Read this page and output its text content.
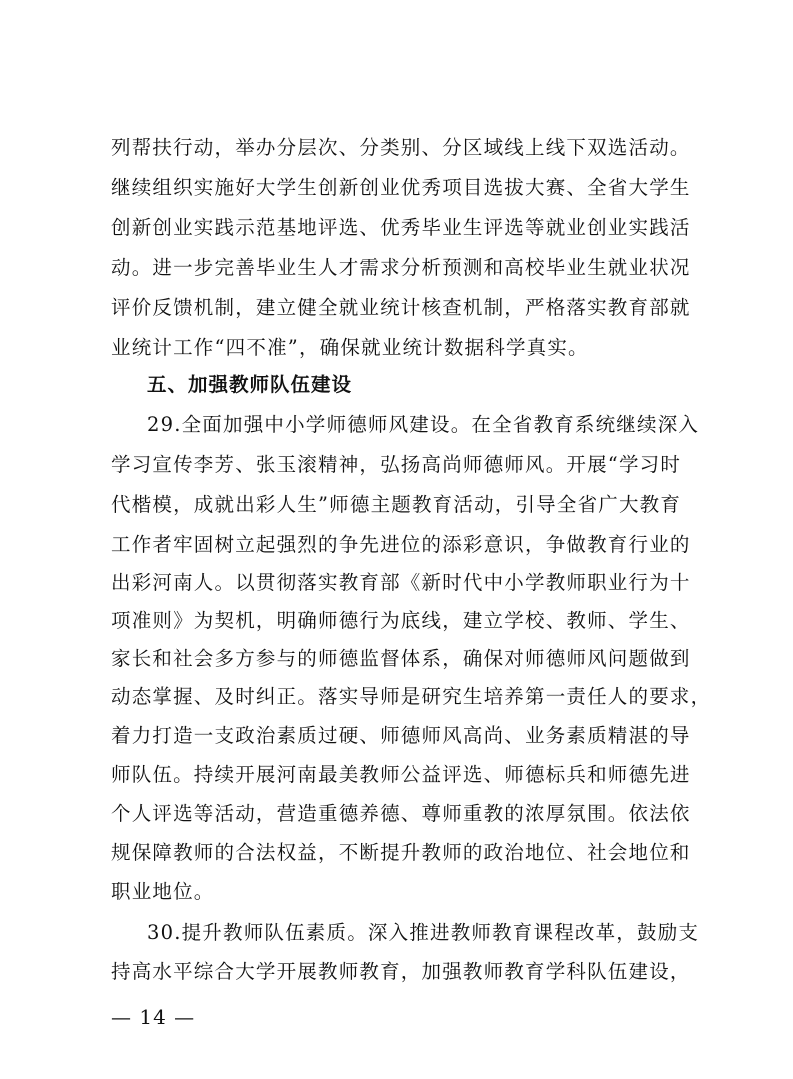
列帮扶行动，举办分层次、分类别、分区域线上线下双选活动。
继续组织实施好大学生创新创业优秀项目选拔大赛、全省大学生
创新创业实践示范基地评选、优秀毕业生评选等就业创业实践活
动。进一步完善毕业生人才需求分析预测和高校毕业生就业状况
评价反馈机制，建立健全就业统计核查机制，严格落实教育部就
业统计工作“四不准”，确保就业统计数据科学真实。
五、加强教师队伍建设
29.全面加强中小学师德师风建设。在全省教育系统继续深入
学习宣传李芳、张玉滚精神，弘扬高尚师德师风。开展“学习时
代楷模，成就出彩人生”师德主题教育活动，引导全省广大教育
工作者牢固树立起强烈的争先进位的添彩意识，争做教育行业的
出彩河南人。以贯彻落实教育部《新时代中小学教师职业行为十
项准则》为契机，明确师德行为底线，建立学校、教师、学生、
家长和社会多方参与的师德监督体系，确保对师德师风问题做到
动态掌握、及时纠正。落实导师是研究生培养第一责任人的要求，
着力打造一支政治素质过硬、师德师风高尚、业务素质精湛的导
师队伍。持续开展河南最美教师公益评选、师德标兵和师德先进
个人评选等活动，营造重德养德、尊师重教的浓厚氛围。依法依
规保障教师的合法权益，不断提升教师的政治地位、社会地位和
职业地位。
30.提升教师队伍素质。深入推进教师教育课程改革，鼓励支
持高水平综合大学开展教师教育，加强教师教育学科队伍建设，
— 14 —
